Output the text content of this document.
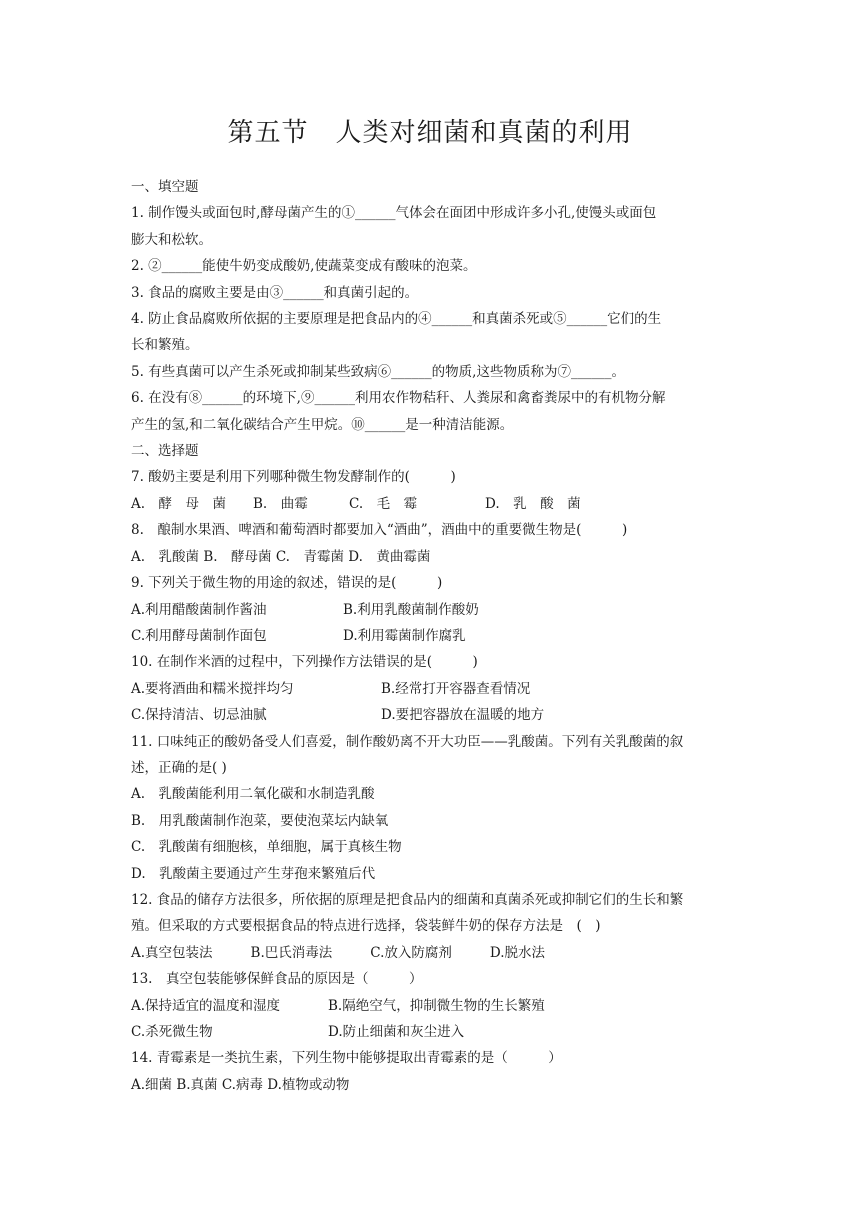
第五节　人类对细菌和真菌的利用

一、填空题

1. 制作馒头或面包时,酵母菌产生的①______气体会在面团中形成许多小孔,使馒头或面包

膨大和松软。

2. ②______能使牛奶变成酸奶,使蔬菜变成有酸味的泡菜。

3. 食品的腐败主要是由③______和真菌引起的。

4. 防止食品腐败所依据的主要原理是把食品内的④______和真菌杀死或⑤______它们的生

长和繁殖。

5. 有些真菌可以产生杀死或抑制某些致病⑥______的物质,这些物质称为⑦______。

6. 在没有⑧______的环境下,⑨______利用农作物秸秆、人粪尿和禽畜粪尿中的有机物分解

产生的氢,和二氧化碳结合产生甲烷。⑩______是一种清洁能源。

二、选择题

7. 酸奶主要是利用下列哪种微生物发酵制作的(　　　)

A.　酵　母　菌	B.　曲霉	C.　毛　霉	D.　乳　酸　菌

8.　酿制水果酒、啤酒和葡萄酒时都要加入“酒曲”，酒曲中的重要微生物是(　　　)

A.　乳酸菌 B.　酵母菌 C.　青霉菌 D.　黄曲霉菌

9. 下列关于微生物的用途的叙述，错误的是(　　　)

A.利用醋酸菌制作酱油	B.利用乳酸菌制作酸奶
C.利用酵母菌制作面包	D.利用霉菌制作腐乳

10. 在制作米酒的过程中，下列操作方法错误的是(　　　)

A.要将酒曲和糯米搅拌均匀	B.经常打开容器查看情况
C.保持清洁、切忌油腻	D.要把容器放在温暖的地方

11. 口味纯正的酸奶备受人们喜爱，制作酸奶离不开大功臣——乳酸菌。下列有关乳酸菌的叙

述，正确的是( )

A.　乳酸菌能利用二氧化碳和水制造乳酸

B.　用乳酸菌制作泡菜，要使泡菜坛内缺氧

C.　乳酸菌有细胞核，单细胞，属于真核生物

D.　乳酸菌主要通过产生芽孢来繁殖后代

12. 食品的储存方法很多，所依据的原理是把食品内的细菌和真菌杀死或抑制它们的生长和繁

殖。但采取的方式要根据食品的特点进行选择，袋装鲜牛奶的保存方法是　(　)

A.真空包装法	B.巴氏消毒法	C.放入防腐剂	D.脱水法

13.　真空包装能够保鲜食品的原因是（　　　）

A.保持适宜的温度和湿度	B.隔绝空气，抑制微生物的生长繁殖
C.杀死微生物	D.防止细菌和灰尘进入

14. 青霉素是一类抗生素，下列生物中能够提取出青霉素的是（　　　）

A.细菌 B.真菌 C.病毒 D.植物或动物
